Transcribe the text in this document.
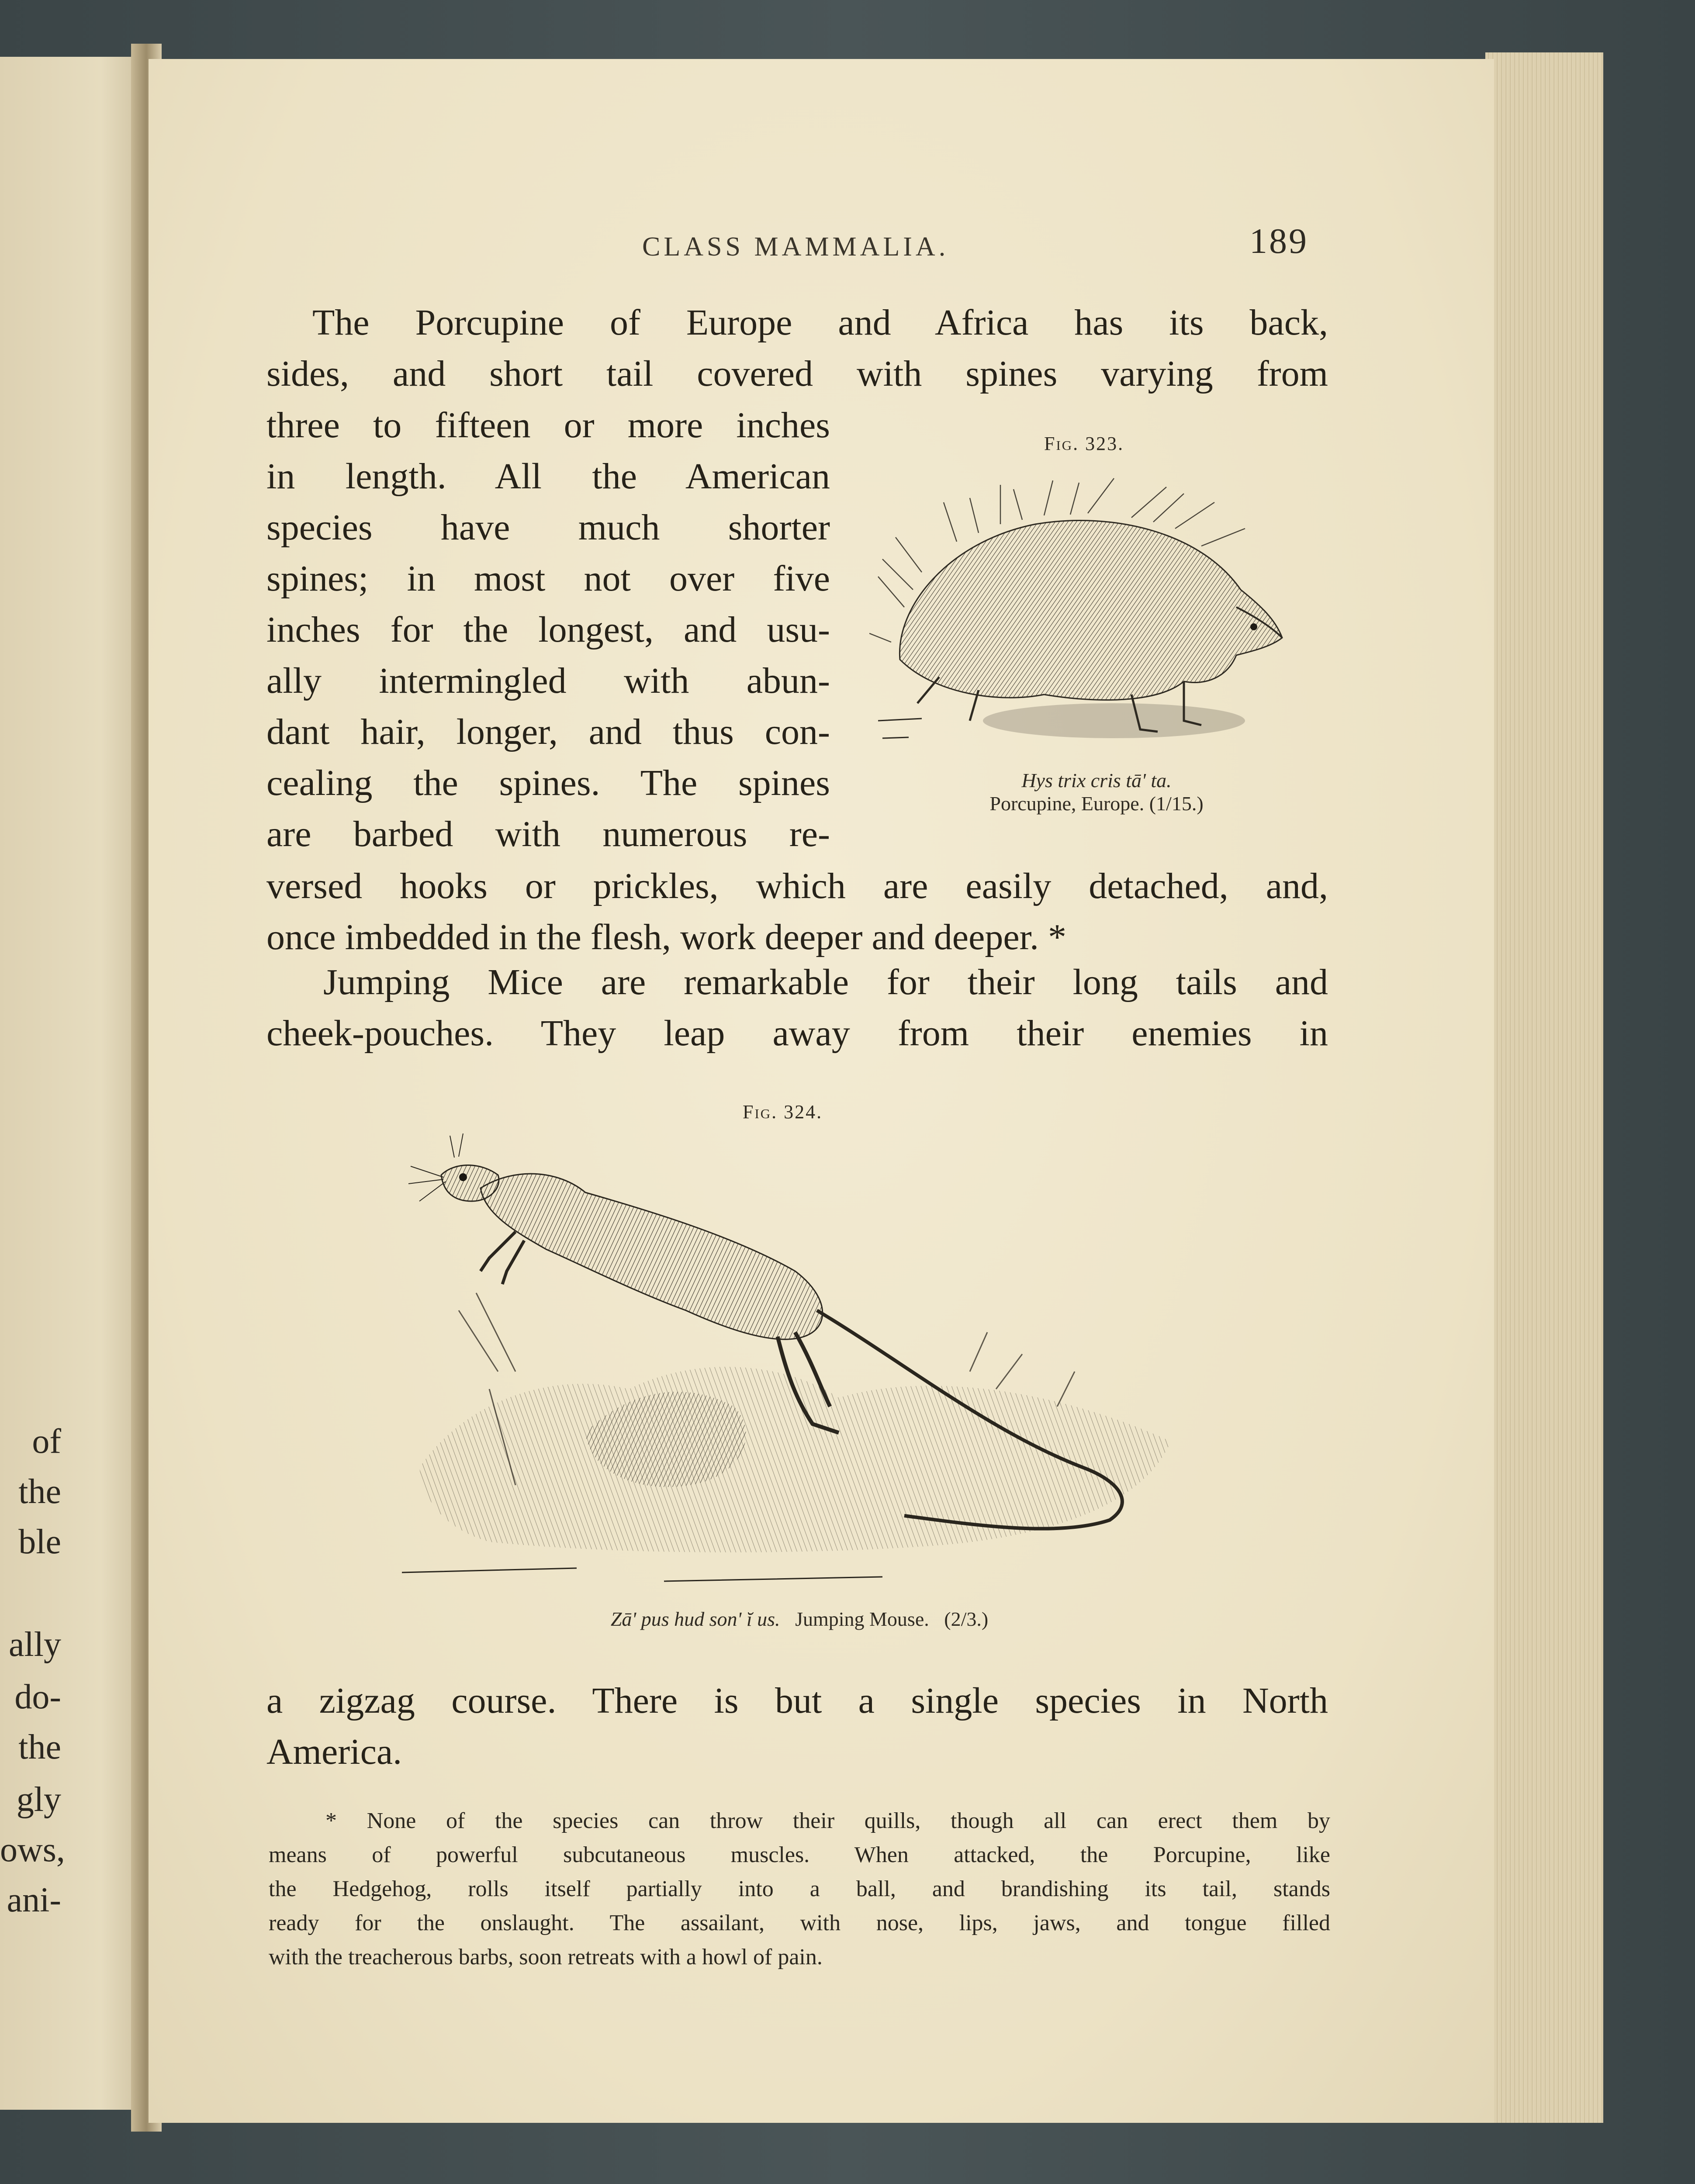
of
the
ble
ally
do-
the
gly
ows,
ani-
CLASS MAMMALIA.	189
The Porcupine of Europe and Africa has its back,
sides, and short tail covered with spines varying from
three to fifteen or more inches
in length. All the American
species have much shorter
spines; in most not over five
inches for the longest, and usu-
ally intermingled with abun-
dant hair, longer, and thus con-
cealing the spines. The spines
are barbed with numerous re-
versed hooks or prickles, which are easily detached, and,
once imbedded in the flesh, work deeper and deeper. *
Fig. 323.
Hys trix cris tā' ta.
Porcupine, Europe. (1/15.)
Jumping Mice are remarkable for their long tails and
cheek-pouches. They leap away from their enemies in
Fig. 324.
Zā' pus hud son' ĭ us. Jumping Mouse. (2/3.)
a zigzag course. There is but a single species in North
America.
* None of the species can throw their quills, though all can erect them by
means of powerful subcutaneous muscles. When attacked, the Porcupine, like
the Hedgehog, rolls itself partially into a ball, and brandishing its tail, stands
ready for the onslaught. The assailant, with nose, lips, jaws, and tongue filled
with the treacherous barbs, soon retreats with a howl of pain.
